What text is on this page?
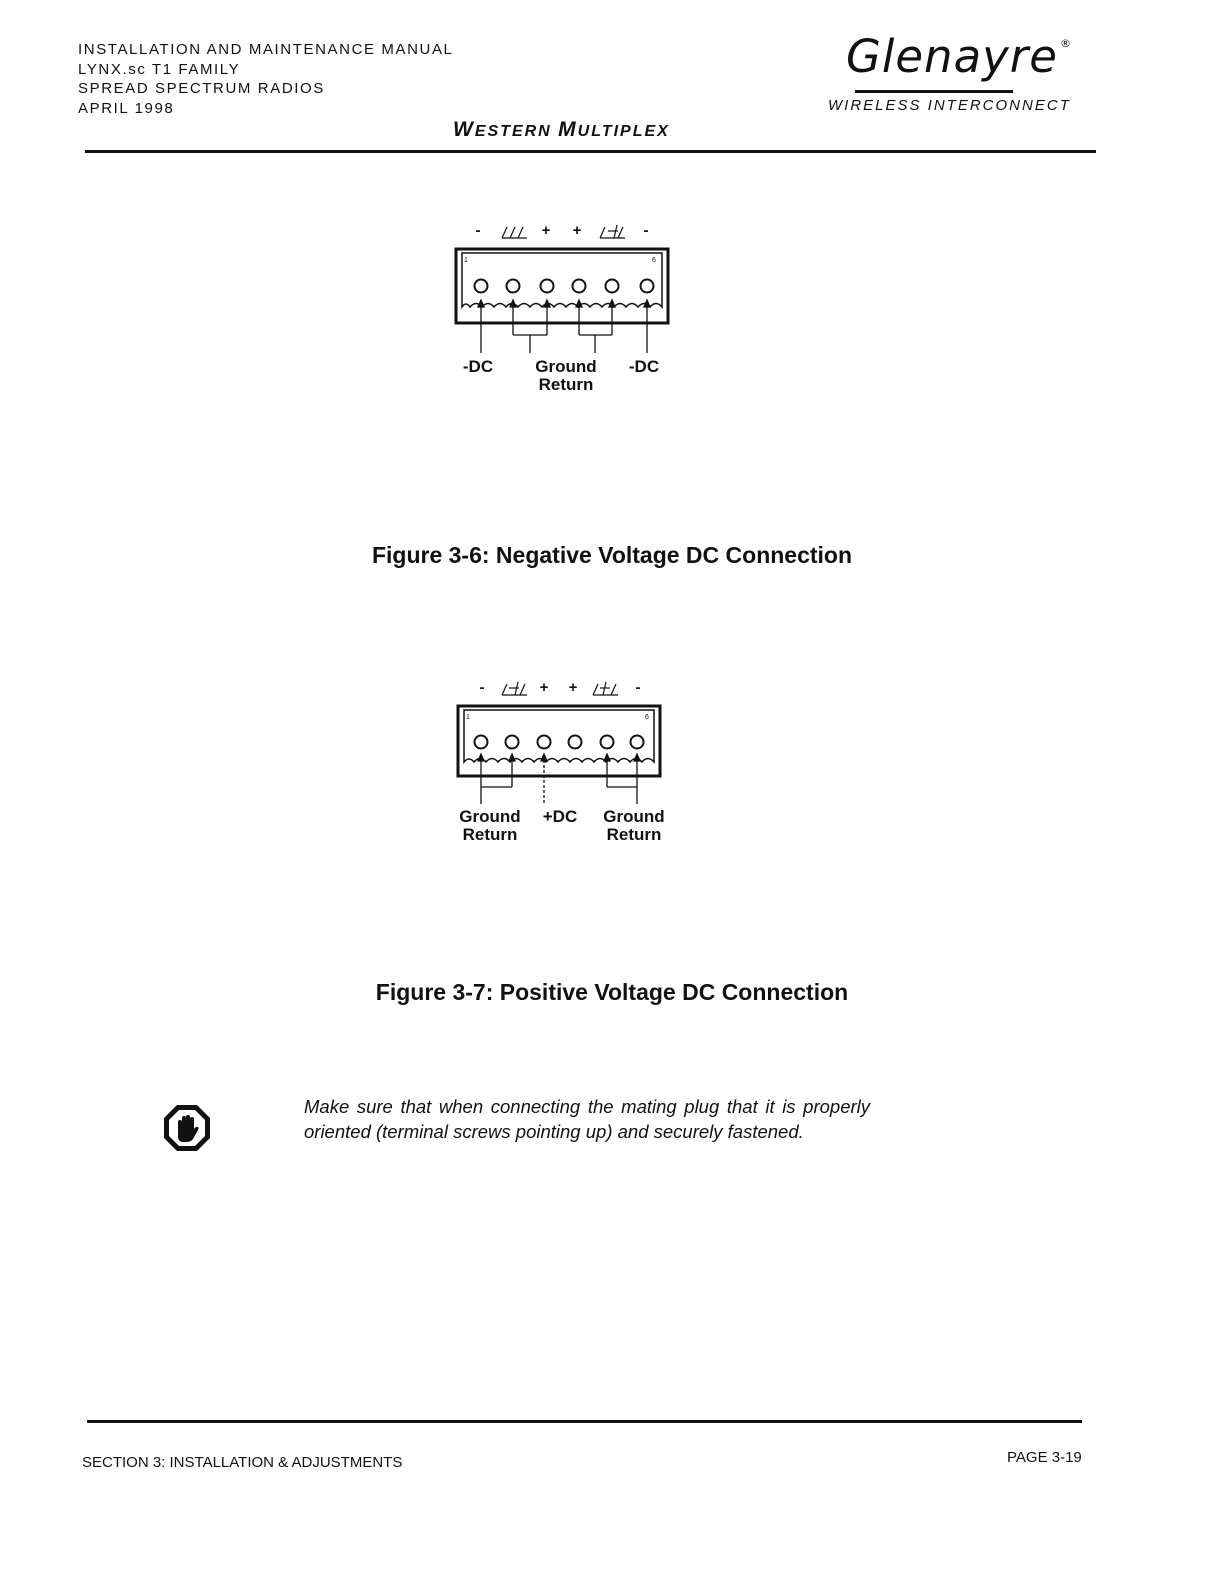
INSTALLATION AND MAINTENANCE MANUAL
LYNX.sc T1 FAMILY
SPREAD SPECTRUM RADIOS
APRIL 1998
Glenayre ®
WIRELESS INTERCONNECT
WESTERN MULTIPLEX
-	+ +	-
1	6
-DC Ground
Return
-DC
Figure 3-6: Negative Voltage DC Connection
-	+ +	-
1	6
Ground
Return
+DC Ground
Return
Figure 3-7: Positive Voltage DC Connection
Make sure that when connecting the mating plug that it is properly oriented (terminal screws pointing up) and securely fastened.
SECTION 3: INSTALLATION & ADJUSTMENTS	PAGE 3-19
